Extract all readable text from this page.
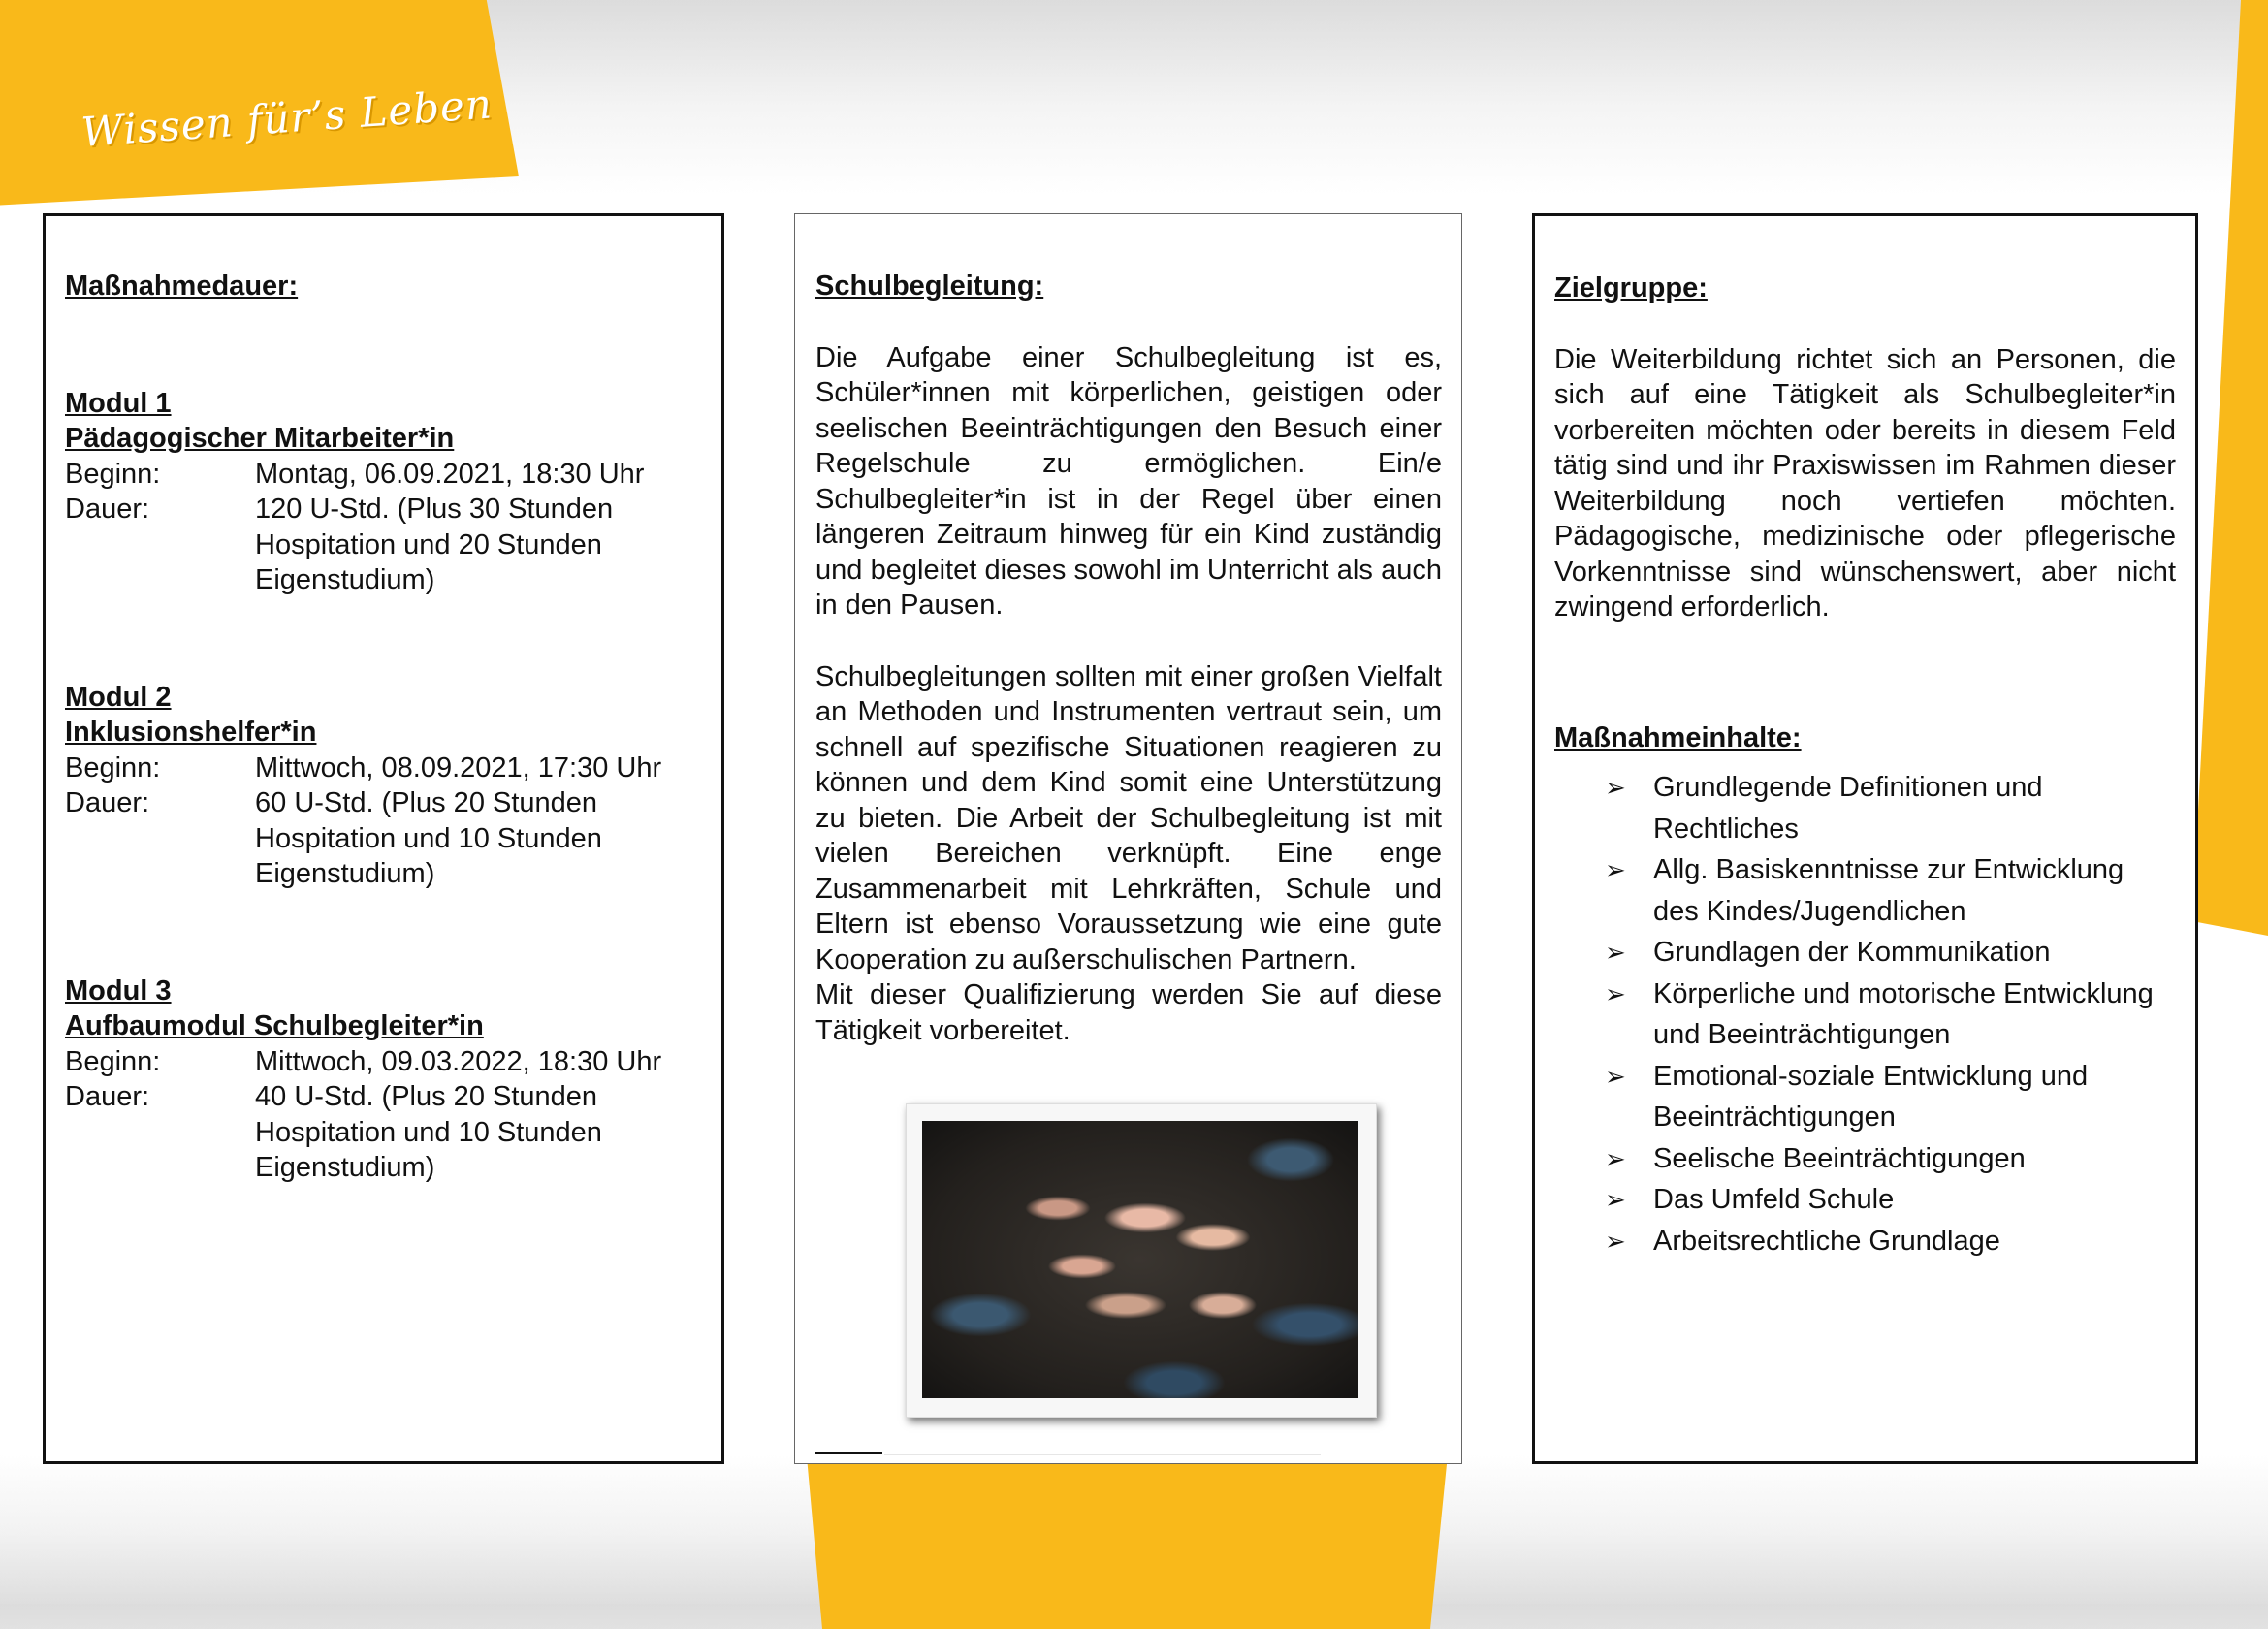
Wissen für’s Leben

Maßnahmedauer:

Modul 1
Pädagogischer Mitarbeiter*in
Beginn:	Montag, 06.09.2021, 18:30 Uhr
Dauer:	120 U-Std. (Plus 30 Stunden
Hospitation und 20 Stunden
Eigenstudium)
Modul 2
Inklusionshelfer*in
Beginn:	Mittwoch, 08.09.2021, 17:30 Uhr
Dauer:	60 U-Std. (Plus 20 Stunden
Hospitation und 10 Stunden
Eigenstudium)
Modul 3
Aufbaumodul Schulbegleiter*in
Beginn:	Mittwoch, 09.03.2022, 18:30 Uhr
Dauer:	40 U-Std. (Plus 20 Stunden
Hospitation und 10 Stunden
Eigenstudium)

Schulbegleitung:

Die Aufgabe einer Schulbegleitung ist es, Schüler*innen mit körperlichen, geistigen oder seelischen Beeinträchtigungen den Besuch einer Regelschule zu ermöglichen. Ein/e Schulbegleiter*in ist in der Regel über einen längeren Zeitraum hinweg für ein Kind zuständig und begleitet dieses sowohl im Unterricht als auch in den Pausen.

Schulbegleitungen sollten mit einer großen Vielfalt an Methoden und Instrumenten vertraut sein, um schnell auf spezifische Situationen reagieren zu können und dem Kind somit eine Unterstützung zu bieten. Die Arbeit der Schulbegleitung ist mit vielen Bereichen verknüpft. Eine enge Zusammenarbeit mit Lehrkräften, Schule und Eltern ist ebenso Voraussetzung wie eine gute Kooperation zu außerschulischen Partnern.

Mit dieser Qualifizierung werden Sie auf diese Tätigkeit vorbereitet.

Zielgruppe:

Die Weiterbildung richtet sich an Personen, die sich auf eine Tätigkeit als Schulbegleiter*in vorbereiten möchten oder bereits in diesem Feld tätig sind und ihr Praxiswissen im Rahmen dieser Weiterbildung noch vertiefen möchten. Pädagogische, medizinische oder pflegerische Vorkenntnisse sind wünschenswert, aber nicht zwingend erforderlich.

Maßnahmeinhalte:

➢ Grundlegende Definitionen und Rechtliches
➢ Allg. Basiskenntnisse zur Entwicklung des Kindes/Jugendlichen
➢ Grundlagen der Kommunikation
➢ Körperliche und motorische Entwicklung und Beeinträchtigungen
➢ Emotional-soziale Entwicklung und Beeinträchtigungen
➢ Seelische Beeinträchtigungen
➢ Das Umfeld Schule
➢ Arbeitsrechtliche Grundlage
